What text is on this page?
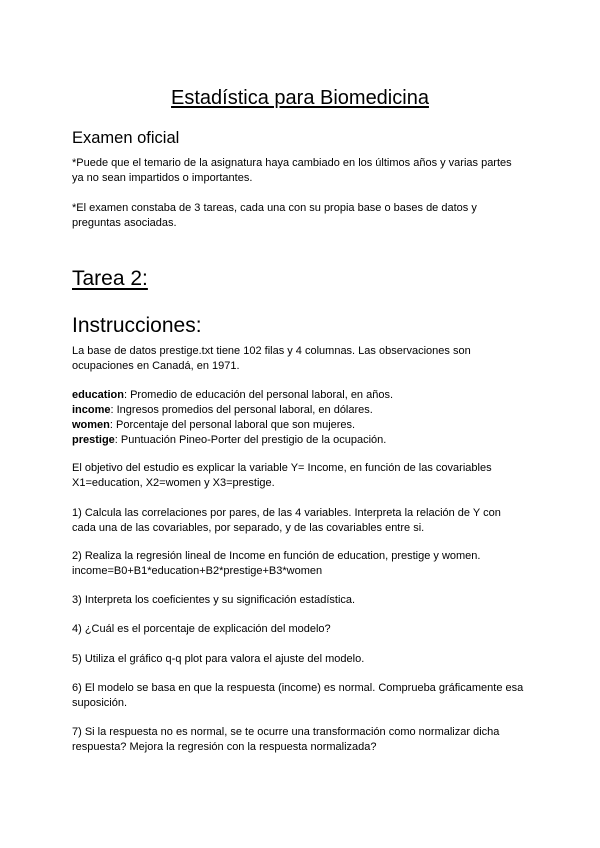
Estadística para Biomedicina
Examen oficial
*Puede que el temario de la asignatura haya cambiado en los últimos años y varias partes
ya no sean impartidos o importantes.
*El examen constaba de 3 tareas, cada una con su propia base o bases de datos y
preguntas asociadas.
Tarea 2:
Instrucciones:
La base de datos prestige.txt tiene 102 filas y 4 columnas. Las observaciones son
ocupaciones en Canadá, en 1971.
education: Promedio de educación del personal laboral, en años.
income: Ingresos promedios del personal laboral, en dólares.
women: Porcentaje del personal laboral que son mujeres.
prestige: Puntuación Pineo-Porter del prestigio de la ocupación.
El objetivo del estudio es explicar la variable Y= Income, en función de las covariables
X1=education, X2=women y X3=prestige.
1) Calcula las correlaciones por pares, de las 4 variables. Interpreta la relación de Y con
cada una de las covariables, por separado, y de las covariables entre si.
2) Realiza la regresión lineal de Income en función de education, prestige y women.
income=B0+B1*education+B2*prestige+B3*women
3) Interpreta los coeficientes y su significación estadística.
4) ¿Cuál es el porcentaje de explicación del modelo?
5) Utiliza el gráfico q-q plot para valora el ajuste del modelo.
6) El modelo se basa en que la respuesta (income) es normal. Comprueba gráficamente esa
suposición.
7) Si la respuesta no es normal, se te ocurre una transformación como normalizar dicha
respuesta? Mejora la regresión con la respuesta normalizada?
